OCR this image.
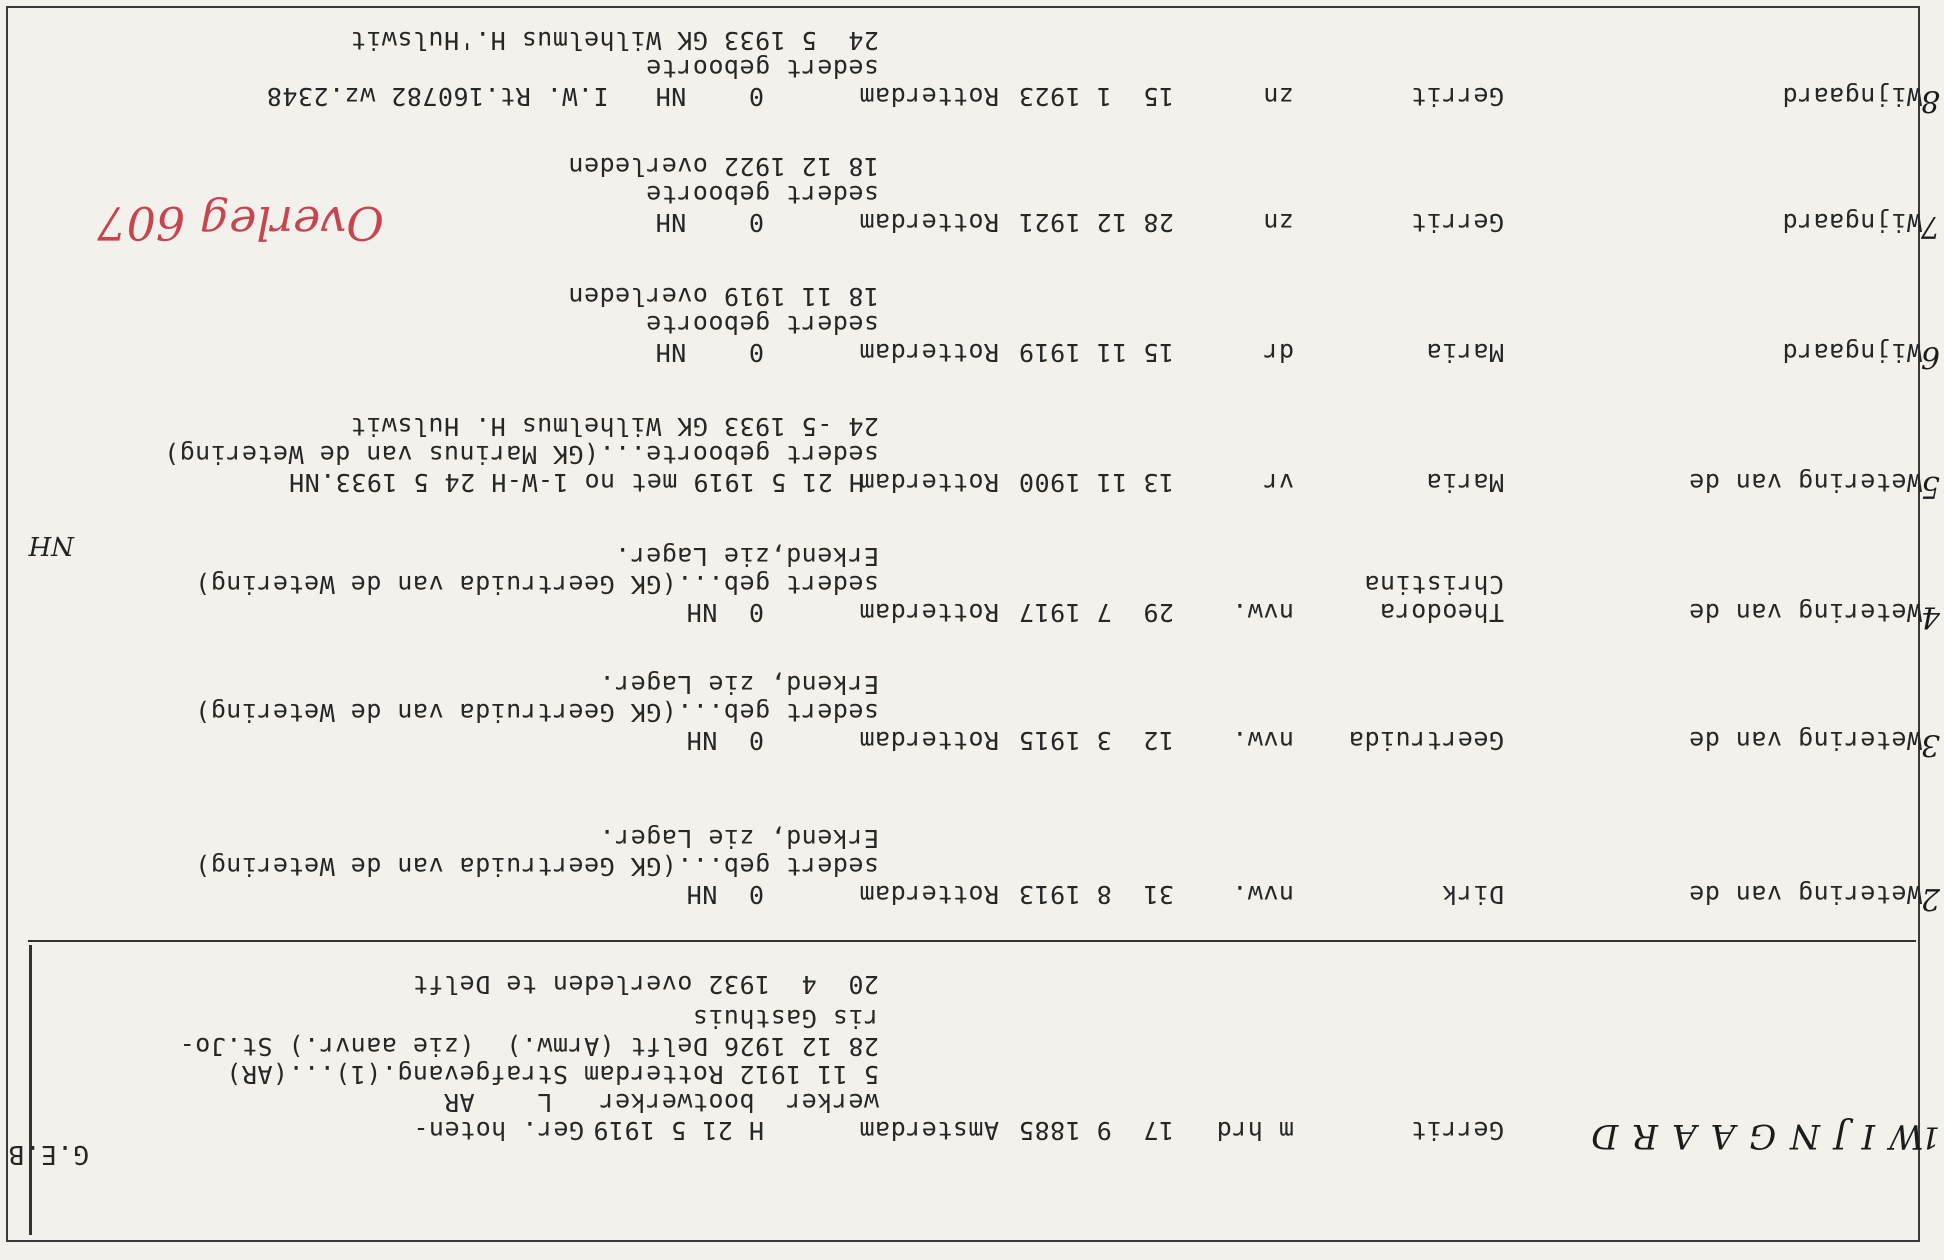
G.E.B	WIJNGAARD
1
Gerrit
m hrd
17  9 1885
Amsterdam
H 21 5 1919
Ger. hoten-
werker  bootwerker   L    AR
5 11 1912 Rotterdam Strafgevang.(1)...(AR)
28 12 1926 Delft (Armw.)  (zie aanvr.) St.Jo-
ris Gasthuis
20  4  1932 overleden te Delft
2
Wetering van de
Dirk
nvw.
31  8 1913
Rotterdam
0  NH
sedert geb...(GK Geertruida van de Wetering)
Erkend, zie Lager.
3
Wetering van de
Geertruida
nvw.
12  3 1915
Rotterdam
0  NH
sedert geb...(GK Geertruida van de Wetering)
Erkend, zie Lager.
4
Wetering van de
Theodora
Christina
nvw.
29  7 1917
Rotterdam
0  NH
sedert geb...(GK Geertruida van de Wetering)
Erkend,zie Lager.
5
Wetering van de
Maria
vr
13 11 1900
Rotterdam
H 21 5 1919 met no 1-W-H 24 5 1933.NH
NH
sedert geboorte...(GK Marinus van de Wetering)
24 -5 1933 GK Wilhelmus H. Hulswit
6
Wijngaard
Maria
dr
15 11 1919
Rotterdam
0    NH
sedert geboorte
18 11 1919 overleden
7
Wijngaard
Gerrit
zn
28 12 1921
Rotterdam
0    NH
sedert geboorte
18 12 1922 overleden
Overleg 607
8
Wijngaard
Gerrit
zn
15  1 1923
Rotterdam
0    NH   I.W. Rt.160782 wz.2348
sedert geboorte
24  5 1933 GK Wilhelmus H.'Hulswit
